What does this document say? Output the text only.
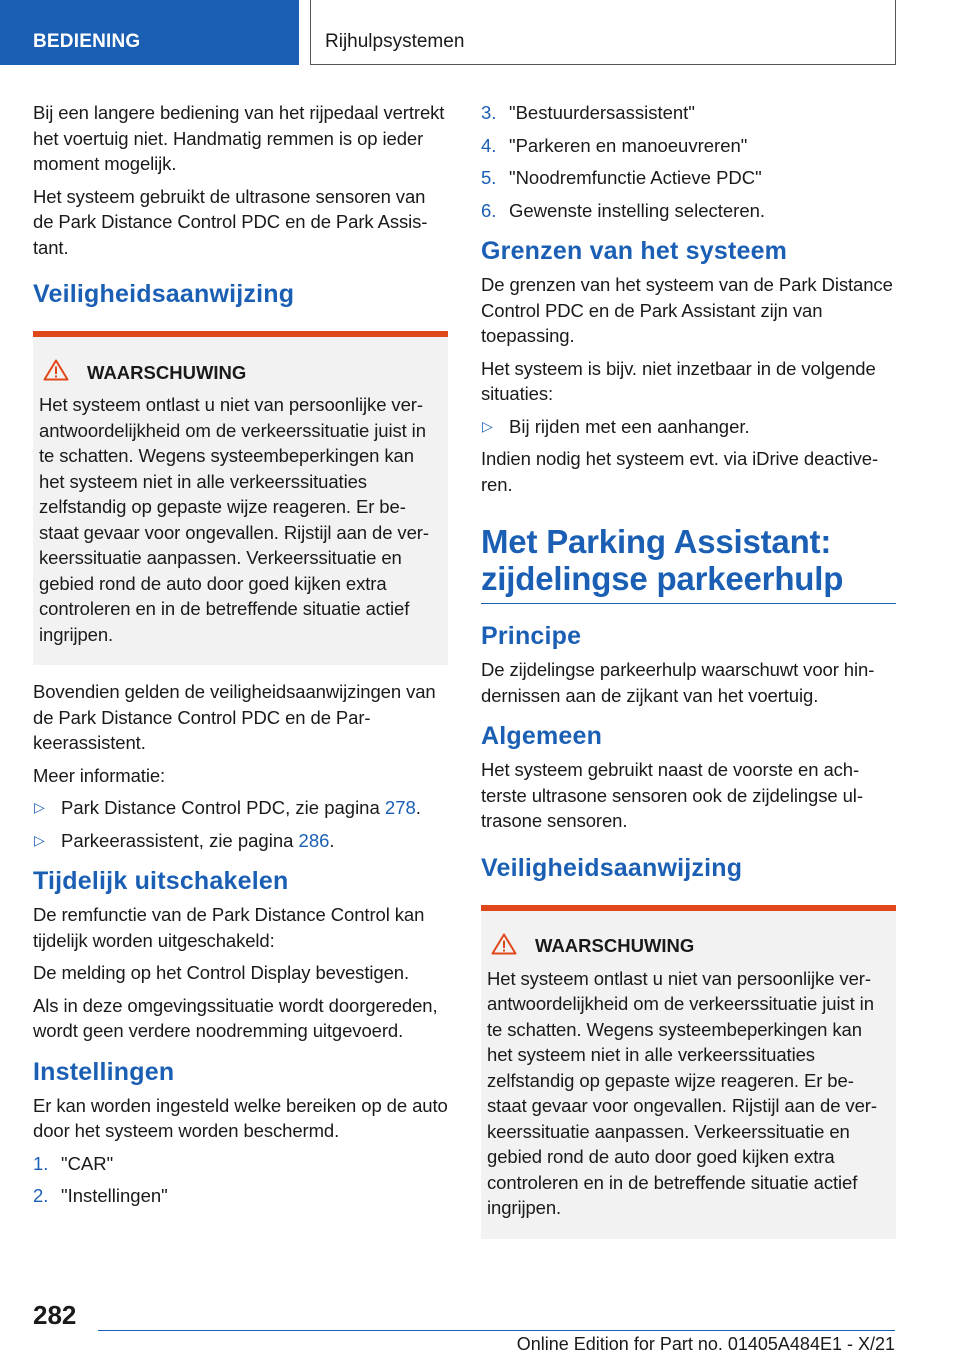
BEDIENING	Rijhulpsystemen

Bij een langere bediening van het rijpedaal vertrekt het voertuig niet. Handmatig remmen is op ieder moment mogelijk.

Het systeem gebruikt de ultrasone sensoren van de Park Distance Control PDC en de Park Assistant.

Veiligheidsaanwijzing
WAARSCHUWING

Het systeem ontlast u niet van persoonlijke verantwoordelijkheid om de verkeerssituatie juist in te schatten. Wegens systeembeperkingen kan het systeem niet in alle verkeerssituaties zelfstandig op gepaste wijze reageren. Er bestaat gevaar voor ongevallen. Rijstijl aan de verkeerssituatie aanpassen. Verkeerssituatie en gebied rond de auto door goed kijken extra controleren en in de betreffende situatie actief ingrijpen.

Bovendien gelden de veiligheidsaanwijzingen van de Park Distance Control PDC en de Parkeerassistent.

Meer informatie:

▷ Park Distance Control PDC, zie pagina 278.
▷ Parkeerassistent, zie pagina 286.
Tijdelijk uitschakelen

De remfunctie van de Park Distance Control kan tijdelijk worden uitgeschakeld:

De melding op het Control Display bevestigen.

Als in deze omgevingssituatie wordt doorgereden, wordt geen verdere noodremming uitgevoerd.

Instellingen

Er kan worden ingesteld welke bereiken op de auto door het systeem worden beschermd.

1. "CAR"
2. "Instellingen"
3. "Bestuurdersassistent"
4. "Parkeren en manoeuvreren"
5. "Noodremfunctie Actieve PDC"
6. Gewenste instelling selecteren.
Grenzen van het systeem

De grenzen van het systeem van de Park Distance Control PDC en de Park Assistant zijn van toepassing.

Het systeem is bijv. niet inzetbaar in de volgende situaties:

▷ Bij rijden met een aanhanger.

Indien nodig het systeem evt. via iDrive deactiveren.

Met Parking Assistant: zijdelingse parkeerhulp
Principe

De zijdelingse parkeerhulp waarschuwt voor hindernissen aan de zijkant van het voertuig.

Algemeen

Het systeem gebruikt naast de voorste en achterste ultrasone sensoren ook de zijdelingse ultrasone sensoren.

Veiligheidsaanwijzing
WAARSCHUWING

Het systeem ontlast u niet van persoonlijke verantwoordelijkheid om de verkeerssituatie juist in te schatten. Wegens systeembeperkingen kan het systeem niet in alle verkeerssituaties zelfstandig op gepaste wijze reageren. Er bestaat gevaar voor ongevallen. Rijstijl aan de verkeerssituatie aanpassen. Verkeerssituatie en gebied rond de auto door goed kijken extra controleren en in de betreffende situatie actief ingrijpen.

282
Online Edition for Part no. 01405A484E1 - X/21
